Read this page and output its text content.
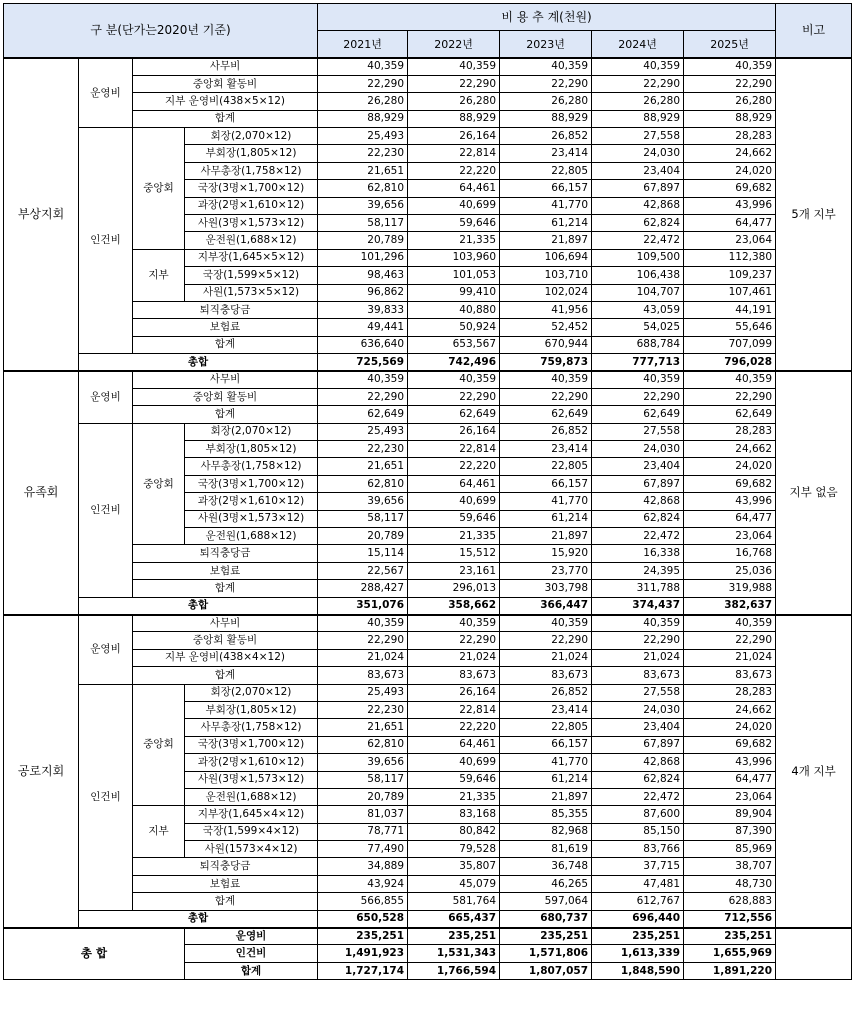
구 분(단가는2020년 기준)				비 용 추 계(천원)					비고
				2021년	2022년	2023년	2024년	2025년	
부상지회	운영비	사무비		40,359	40,359	40,359	40,359	40,359	5개 지부
		중앙회 활동비		22,290	22,290	22,290	22,290	22,290	
		지부 운영비(438×5×12)		26,280	26,280	26,280	26,280	26,280	
		합계		88,929	88,929	88,929	88,929	88,929	
	인건비	중앙회	회장(2,070×12)	25,493	26,164	26,852	27,558	28,283	
			부회장(1,805×12)	22,230	22,814	23,414	24,030	24,662	
			사무총장(1,758×12)	21,651	22,220	22,805	23,404	24,020	
			국장(3명×1,700×12)	62,810	64,461	66,157	67,897	69,682	
			과장(2명×1,610×12)	39,656	40,699	41,770	42,868	43,996	
			사원(3명×1,573×12)	58,117	59,646	61,214	62,824	64,477	
			운전원(1,688×12)	20,789	21,335	21,897	22,472	23,064	
		지부	지부장(1,645×5×12)	101,296	103,960	106,694	109,500	112,380	
			국장(1,599×5×12)	98,463	101,053	103,710	106,438	109,237	
			사원(1,573×5×12)	96,862	99,410	102,024	104,707	107,461	
		퇴직충당금		39,833	40,880	41,956	43,059	44,191	
		보험료		49,441	50,924	52,452	54,025	55,646	
		합계		636,640	653,567	670,944	688,784	707,099	
	총합			725,569	742,496	759,873	777,713	796,028	
유족회	운영비	사무비		40,359	40,359	40,359	40,359	40,359	지부 없음
		중앙회 활동비		22,290	22,290	22,290	22,290	22,290	
		합계		62,649	62,649	62,649	62,649	62,649	
	인건비	중앙회	회장(2,070×12)	25,493	26,164	26,852	27,558	28,283	
			부회장(1,805×12)	22,230	22,814	23,414	24,030	24,662	
			사무총장(1,758×12)	21,651	22,220	22,805	23,404	24,020	
			국장(3명×1,700×12)	62,810	64,461	66,157	67,897	69,682	
			과장(2명×1,610×12)	39,656	40,699	41,770	42,868	43,996	
			사원(3명×1,573×12)	58,117	59,646	61,214	62,824	64,477	
			운전원(1,688×12)	20,789	21,335	21,897	22,472	23,064	
		퇴직충당금		15,114	15,512	15,920	16,338	16,768	
		보험료		22,567	23,161	23,770	24,395	25,036	
		합계		288,427	296,013	303,798	311,788	319,988	
	총합			351,076	358,662	366,447	374,437	382,637	
공로지회	운영비	사무비		40,359	40,359	40,359	40,359	40,359	4개 지부
		중앙회 활동비		22,290	22,290	22,290	22,290	22,290	
		지부 운영비(438×4×12)		21,024	21,024	21,024	21,024	21,024	
		합계		83,673	83,673	83,673	83,673	83,673	
	인건비	중앙회	회장(2,070×12)	25,493	26,164	26,852	27,558	28,283	
			부회장(1,805×12)	22,230	22,814	23,414	24,030	24,662	
			사무총장(1,758×12)	21,651	22,220	22,805	23,404	24,020	
			국장(3명×1,700×12)	62,810	64,461	66,157	67,897	69,682	
			과장(2명×1,610×12)	39,656	40,699	41,770	42,868	43,996	
			사원(3명×1,573×12)	58,117	59,646	61,214	62,824	64,477	
			운전원(1,688×12)	20,789	21,335	21,897	22,472	23,064	
		지부	지부장(1,645×4×12)	81,037	83,168	85,355	87,600	89,904	
			국장(1,599×4×12)	78,771	80,842	82,968	85,150	87,390	
			사원(1573×4×12)	77,490	79,528	81,619	83,766	85,969	
		퇴직충당금		34,889	35,807	36,748	37,715	38,707	
		보험료		43,924	45,079	46,265	47,481	48,730	
		합계		566,855	581,764	597,064	612,767	628,883	
	총합			650,528	665,437	680,737	696,440	712,556	
총 합			운영비	235,251	235,251	235,251	235,251	235,251	
			인건비	1,491,923	1,531,343	1,571,806	1,613,339	1,655,969	
			합계	1,727,174	1,766,594	1,807,057	1,848,590	1,891,220	
